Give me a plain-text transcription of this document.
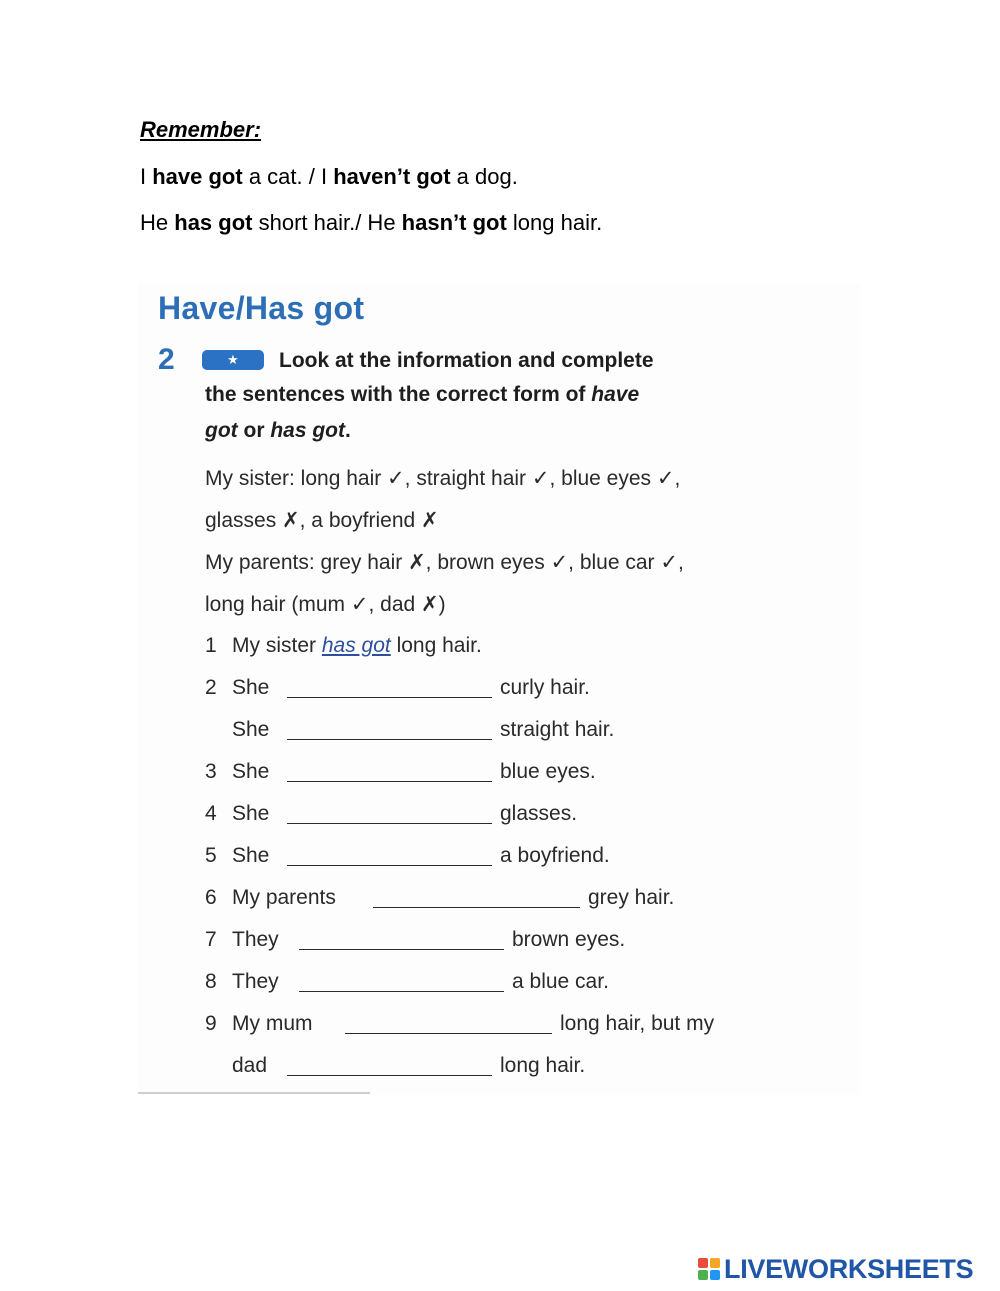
Remember:
I have got a cat. / I haven’t got a dog.
He has got short hair./ He hasn’t got long hair.
Have/Has got
2	★	Look at the information and complete
the sentences with the correct form of have
got or has got.
My sister: long hair ✓, straight hair ✓, blue eyes ✓,
glasses ✗, a boyfriend ✗
My parents: grey hair ✗, brown eyes ✓, blue car ✓,
long hair (mum ✓, dad ✗)
1 My sister has got long hair.
2 She	curly hair.
She	straight hair.
3 She	blue eyes.
4 She	glasses.
5 She	a boyfriend.
6 My parents	grey hair.
7 They	brown eyes.
8 They	a blue car.
9 My mum	long hair, but my
dad	long hair.
LIVEWORKSHEETS
